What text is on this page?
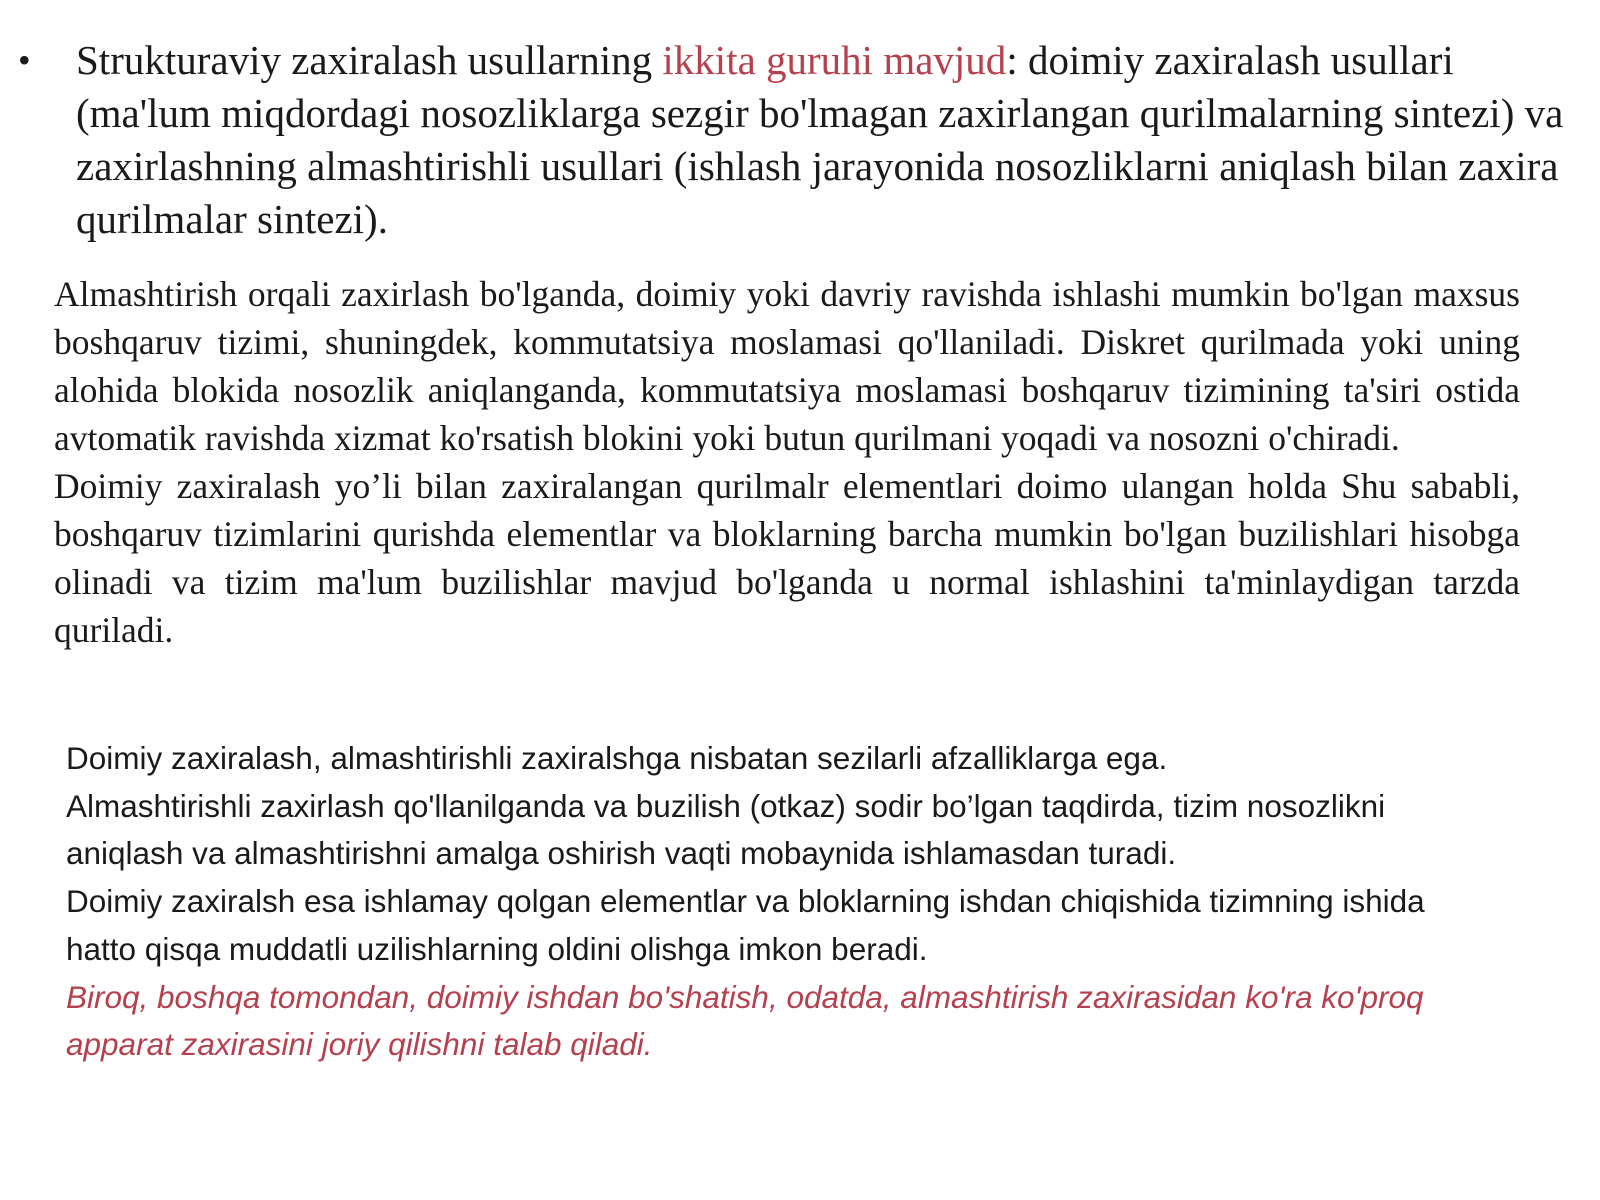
•	Strukturaviy zaxiralash usullarning ikkita guruhi mavjud: doimiy zaxiralash usullari (ma'lum miqdordagi nosozliklarga sezgir bo'lmagan zaxirlangan qurilmalarning sintezi) va zaxirlashning almashtirishli usullari (ishlash jarayonida nosozliklarni aniqlash bilan zaxira qurilmalar sintezi).

Almashtirish orqali zaxirlash bo'lganda, doimiy yoki davriy ravishda ishlashi mumkin bo'lgan maxsus boshqaruv tizimi, shuningdek, kommutatsiya moslamasi qo'llaniladi. Diskret qurilmada yoki uning alohida blokida nosozlik aniqlanganda, kommutatsiya moslamasi boshqaruv tizimining ta'siri ostida avtomatik ravishda xizmat ko'rsatish blokini yoki butun qurilmani yoqadi va nosozni o'chiradi.

Doimiy zaxiralash yo’li bilan zaxiralangan qurilmalr elementlari doimo ulangan holda Shu sababli, boshqaruv tizimlarini qurishda elementlar va bloklarning barcha mumkin bo'lgan buzilishlari hisobga olinadi va tizim ma'lum buzilishlar mavjud bo'lganda u normal ishlashini ta'minlaydigan tarzda quriladi.

Doimiy zaxiralash, almashtirishli zaxiralshga nisbatan sezilarli afzalliklarga ega.

Almashtirishli zaxirlash qo'llanilganda va buzilish (otkaz) sodir bo’lgan taqdirda, tizim nosozlikni aniqlash va almashtirishni amalga oshirish vaqti mobaynida ishlamasdan turadi.

Doimiy zaxiralsh esa ishlamay qolgan elementlar va bloklarning ishdan chiqishida tizimning ishida hatto qisqa muddatli uzilishlarning oldini olishga imkon beradi.

Biroq, boshqa tomondan, doimiy ishdan bo'shatish, odatda, almashtirish zaxirasidan ko'ra ko'proq apparat zaxirasini joriy qilishni talab qiladi.
